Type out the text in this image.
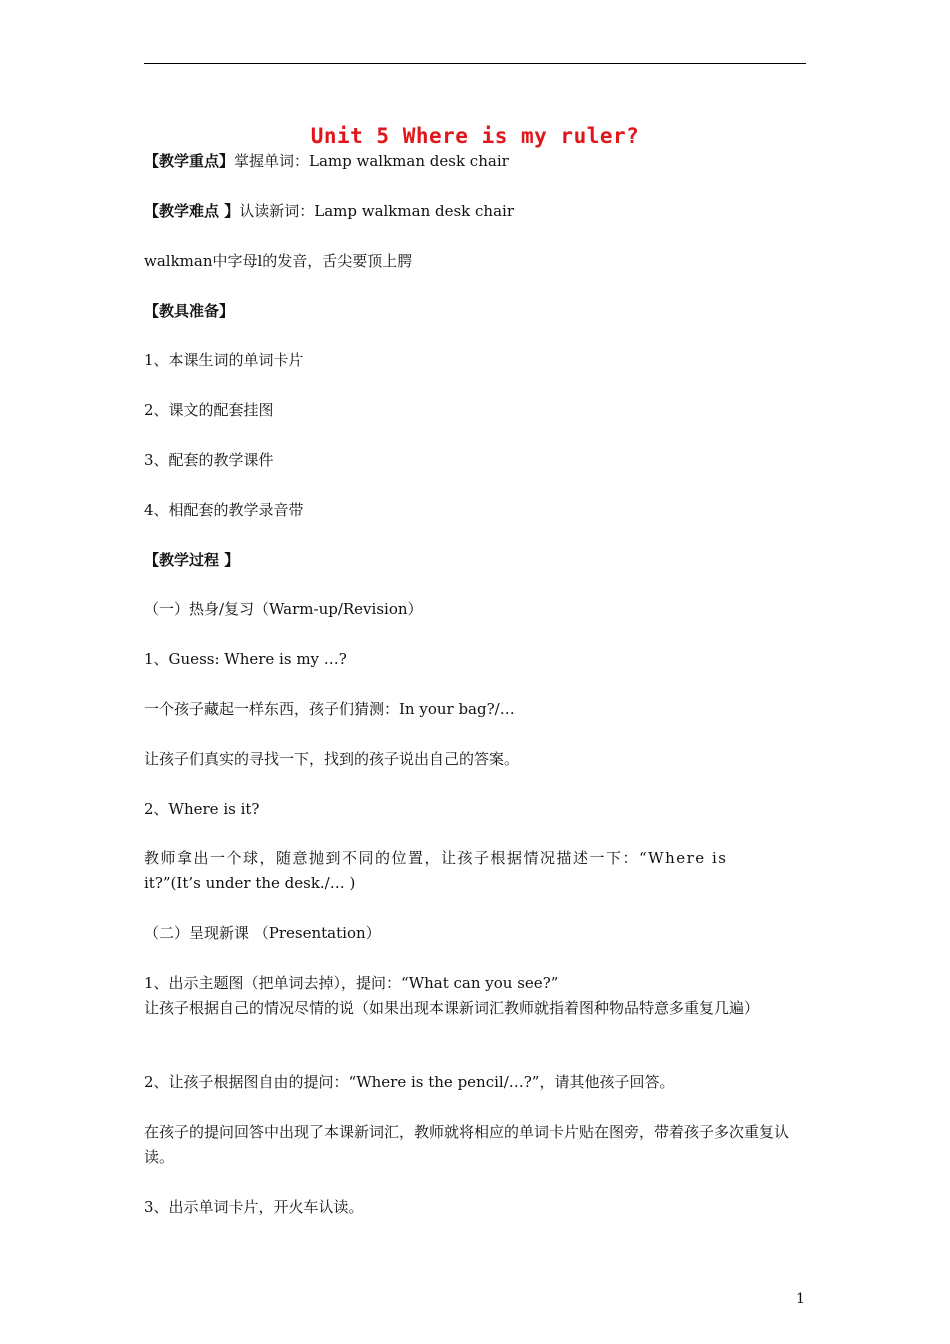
Unit 5 Where is my ruler?
【教学重点】掌握单词：Lamp walkman desk chair
【教学难点 】认读新词：Lamp walkman desk chair
walkman中字母l的发音，舌尖要顶上腭
【教具准备】
1、本课生词的单词卡片
2、课文的配套挂图
3、配套的教学课件
4、相配套的教学录音带
【教学过程 】
（一）热身/复习（Warm-up/Revision）
1、Guess: Where is my …?
一个孩子藏起一样东西，孩子们猜测：In your bag?/…
让孩子们真实的寻找一下，找到的孩子说出自己的答案。
2、Where is it?
教师拿出一个球，随意抛到不同的位置，让孩子根据情况描述一下：“Where is
it?”(It’s under the desk./… )
（二）呈现新课 （Presentation）
1、出示主题图（把单词去掉），提问：“What can you see?”
让孩子根据自己的情况尽情的说（如果出现本课新词汇教师就指着图种物品特意多重复几遍）
2、让孩子根据图自由的提问：“Where is the pencil/…?”，请其他孩子回答。
在孩子的提问回答中出现了本课新词汇，教师就将相应的单词卡片贴在图旁，带着孩子多次重复认读。
3、出示单词卡片，开火车认读。
1
